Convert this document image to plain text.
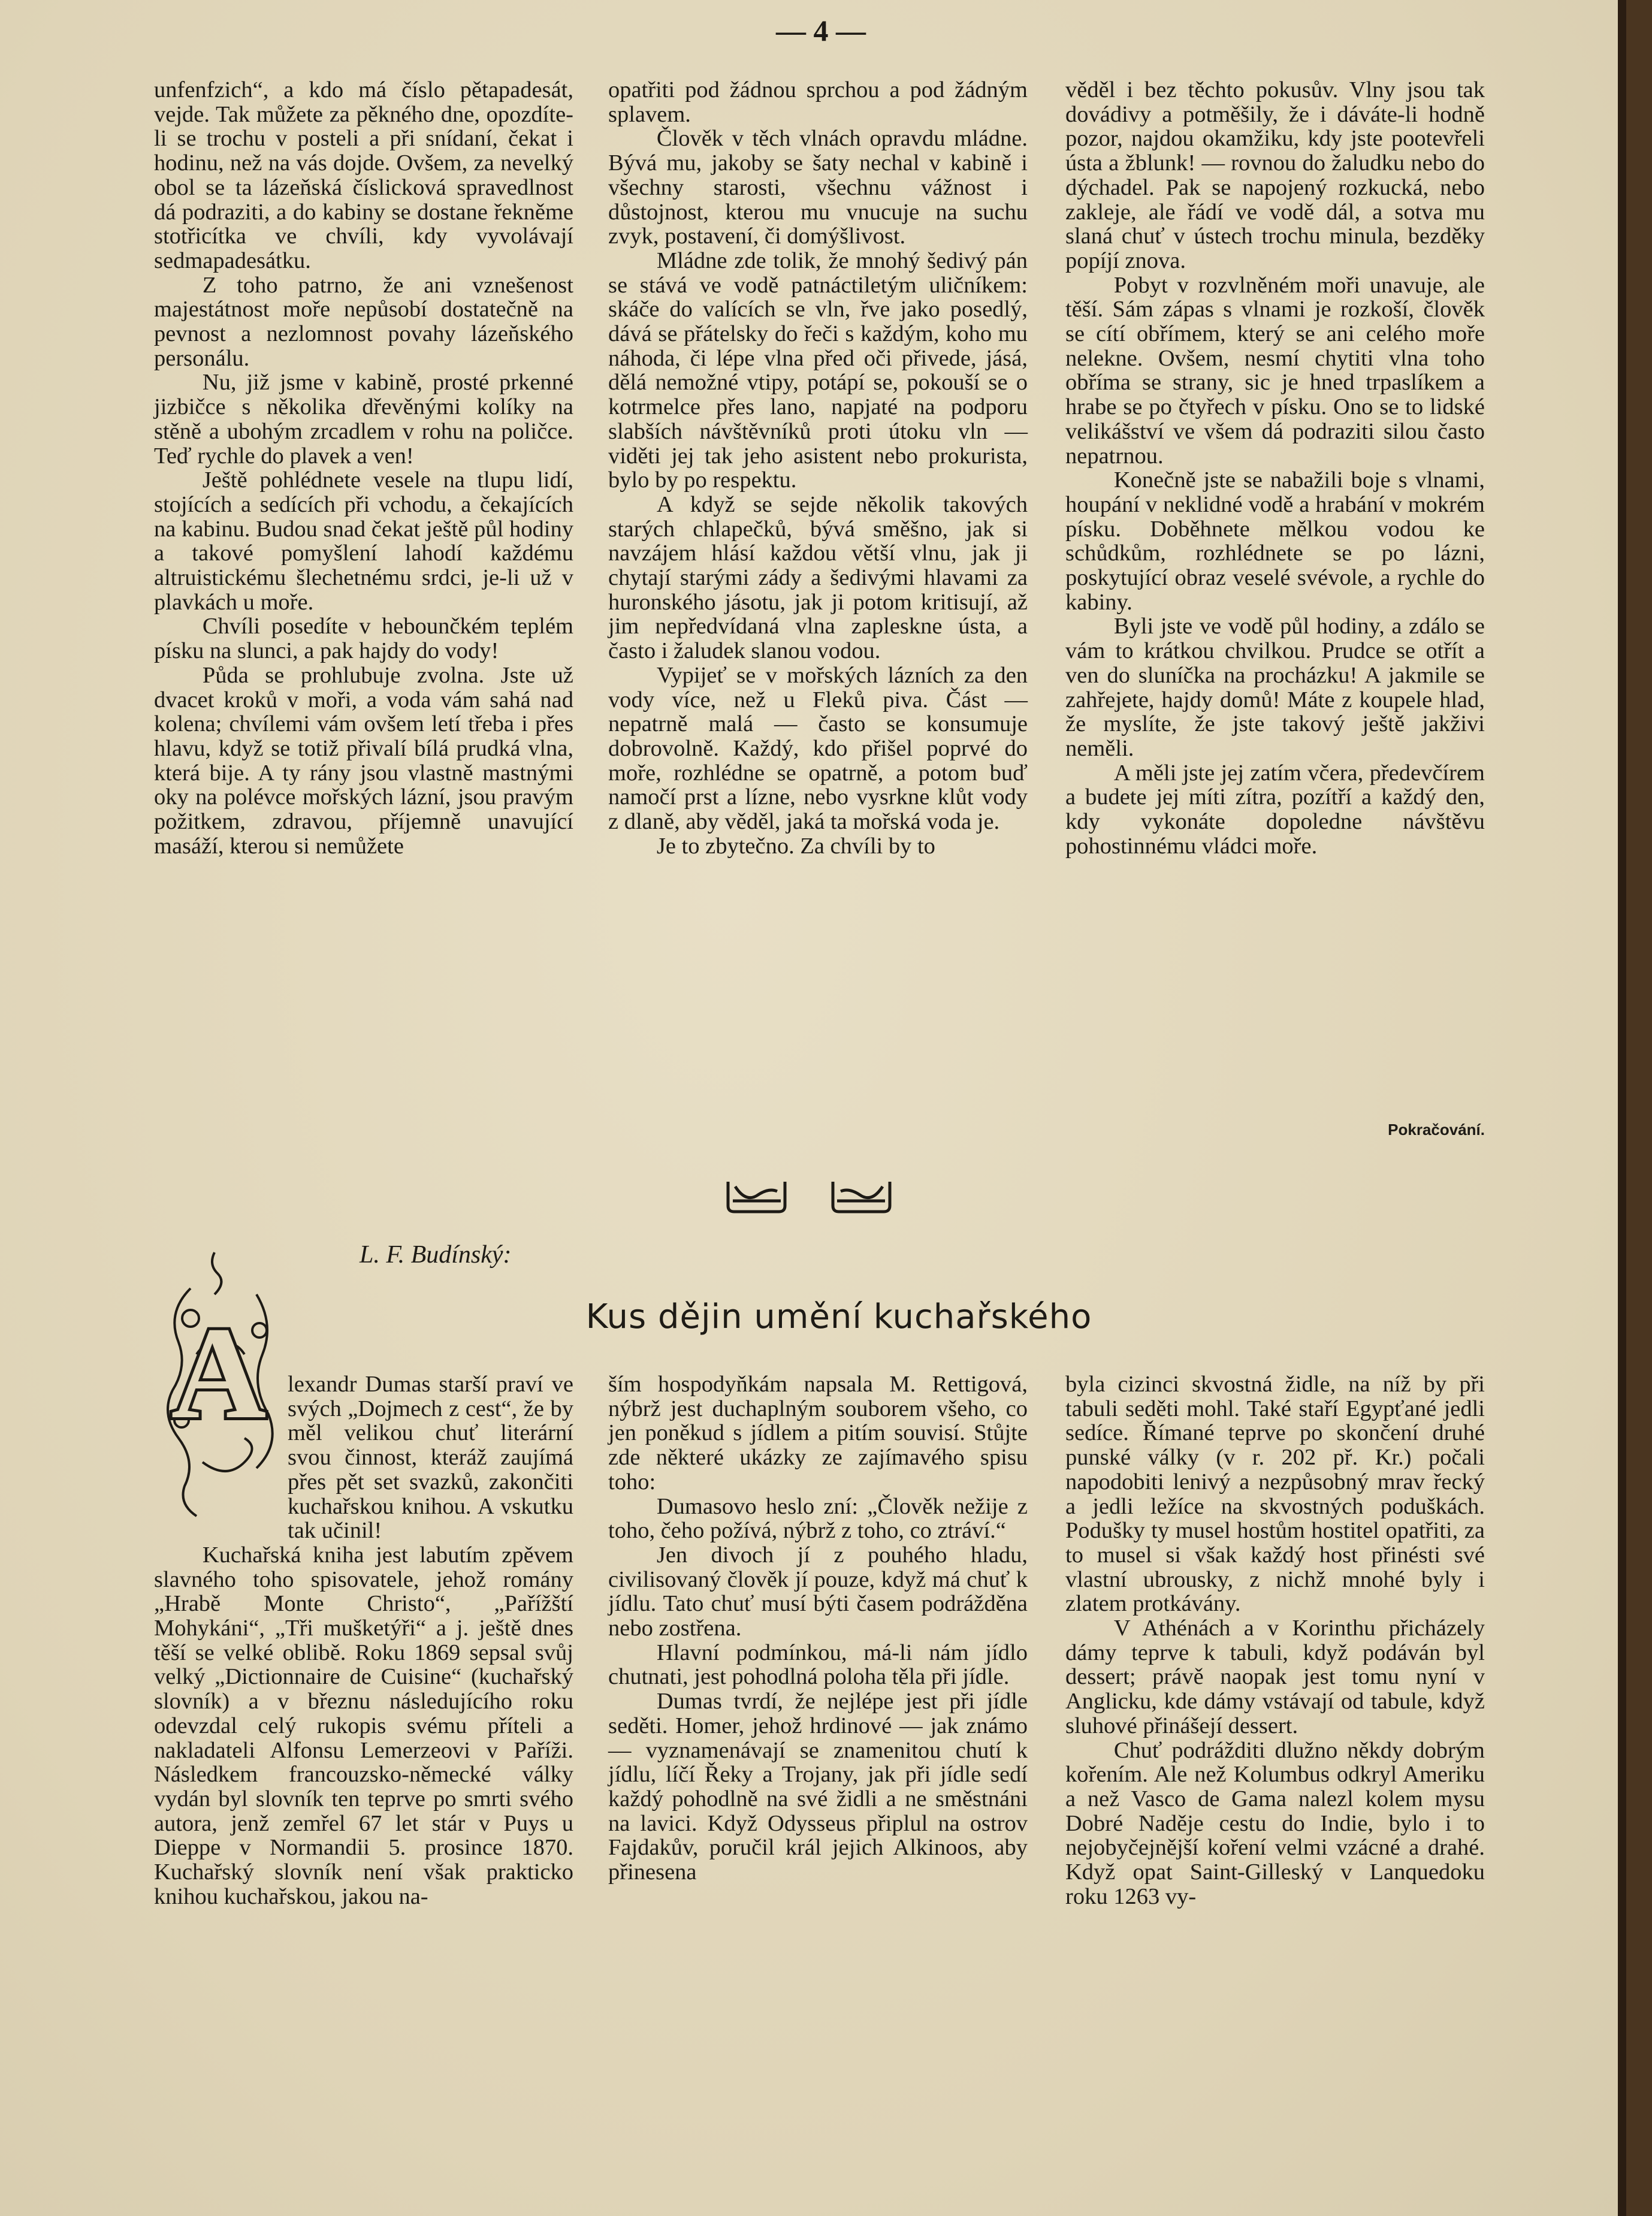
— 4 —

unfenfzich“, a kdo má číslo pětapadesát, vejde. Tak můžete za pěkného dne, opozdíte-li se trochu v posteli a při snídaní, čekat i hodinu, než na vás dojde. Ovšem, za nevelký obol se ta lázeňská číslicková spravedlnost dá podraziti, a do kabiny se dostane řekněme stotřicítka ve chvíli, kdy vyvolávají sedmapadesátku.

Z toho patrno, že ani vznešenost majestátnost moře nepůsobí dostatečně na pevnost a nezlomnost povahy lázeňského personálu.

Nu, již jsme v kabině, prosté prkenné jizbičce s několika dřevěnými kolíky na stěně a ubohým zrcadlem v rohu na poličce. Teď rychle do plavek a ven!

Ještě pohlédnete vesele na tlupu lidí, stojících a sedících při vchodu, a čekajících na kabinu. Budou snad čekat ještě půl hodiny a takové pomyšlení lahodí každému altruistickému šlechetnému srdci, je-li už v plavkách u moře.

Chvíli posedíte v hebounčkém teplém písku na slunci, a pak hajdy do vody!

Půda se prohlubuje zvolna. Jste už dvacet kroků v moři, a voda vám sahá nad kolena; chvílemi vám ovšem letí třeba i přes hlavu, když se totiž přivalí bílá prudká vlna, která bije. A ty rány jsou vlastně mastnými oky na polévce mořských lázní, jsou pravým požitkem, zdravou, příjemně unavující masáží, kterou si nemůžete

opatřiti pod žádnou sprchou a pod žádným splavem.

Člověk v těch vlnách opravdu mládne. Bývá mu, jakoby se šaty nechal v kabině i všechny starosti, všechnu vážnost i důstojnost, kterou mu vnucuje na suchu zvyk, postavení, či domýšlivost.

Mládne zde tolik, že mnohý šedivý pán se stává ve vodě patnáctiletým uličníkem: skáče do valících se vln, řve jako posedlý, dává se přátelsky do řeči s každým, koho mu náhoda, či lépe vlna před oči přivede, jásá, dělá nemožné vtipy, potápí se, pokouší se o kotrmelce přes lano, napjaté na podporu slabších návštěvníků proti útoku vln — viděti jej tak jeho asistent nebo prokurista, bylo by po respektu.

A když se sejde několik takových starých chlapečků, bývá směšno, jak si navzájem hlásí každou větší vlnu, jak ji chytají starými zády a šedivými hlavami za huronského jásotu, jak ji potom kritisují, až jim nepředvídaná vlna zapleskne ústa, a často i žaludek slanou vodou.

Vypijeť se v mořských lázních za den vody více, než u Fleků piva. Část — nepatrně malá — často se konsumuje dobrovolně. Každý, kdo přišel poprvé do moře, rozhlédne se opatrně, a potom buď namočí prst a lízne, nebo vysrkne klůt vody z dlaně, aby věděl, jaká ta mořská voda je.

Je to zbytečno. Za chvíli by to

věděl i bez těchto pokusův. Vlny jsou tak dovádivy a potměšily, že i dáváte-li hodně pozor, najdou okamžiku, kdy jste pootevřeli ústa a žblunk! — rovnou do žaludku nebo do dýchadel. Pak se napojený rozkucká, nebo zakleje, ale řádí ve vodě dál, a sotva mu slaná chuť v ústech trochu minula, bezděky popíjí znova.

Pobyt v rozvlněném moři unavuje, ale těší. Sám zápas s vlnami je rozkoší, člověk se cítí obřímem, který se ani celého moře nelekne. Ovšem, nesmí chytiti vlna toho obříma se strany, sic je hned trpaslíkem a hrabe se po čtyřech v písku. Ono se to lidské velikášství ve všem dá podraziti silou často nepatrnou.

Konečně jste se nabažili boje s vlnami, houpání v neklidné vodě a hrabání v mokrém písku. Doběhnete mělkou vodou ke schůdkům, rozhlédnete se po lázni, poskytující obraz veselé svévole, a rychle do kabiny.

Byli jste ve vodě půl hodiny, a zdálo se vám to krátkou chvilkou. Prudce se otřít a ven do sluníčka na procházku! A jakmile se zahřejete, hajdy domů! Máte z koupele hlad, že myslíte, že jste takový ještě jakživi neměli.

A měli jste jej zatím včera, předevčírem a budete jej míti zítra, pozítří a každý den, kdy vykonáte dopoledne návštěvu pohostinnému vládci moře.

Pokračování.
L. F. Budínský:
Kus dějin umění kuchařského
A lexandr Dumas starší praví ve svých „Dojmech z cest“, že by měl velikou chuť literární svou činnost, kteráž zaujímá přes pět set svazků, zakončiti kuchařskou knihou. A vskutku tak učinil!

Kuchařská kniha jest labutím zpěvem slavného toho spisovatele, jehož romány „Hrabě Monte Christo“, „Pařížští Mohykáni“, „Tři mušketýři“ a j. ještě dnes těší se velké oblibě. Roku 1869 sepsal svůj velký „Dictionnaire de Cuisine“ (kuchařský slovník) a v březnu následujícího roku odevzdal celý rukopis svému příteli a nakladateli Alfonsu Lemerzeovi v Paříži. Následkem francouzsko-německé války vydán byl slovník ten teprve po smrti svého autora, jenž zemřel 67 let stár v Puys u Dieppe v Normandii 5. prosince 1870. Kuchařský slovník není však prakticko knihou kuchařskou, jakou na-

ším hospodyňkám napsala M. Rettigová, nýbrž jest duchaplným souborem všeho, co jen poněkud s jídlem a pitím souvisí. Stůjte zde některé ukázky ze zajímavého spisu toho:

Dumasovo heslo zní: „Člověk nežije z toho, čeho požívá, nýbrž z toho, co ztráví.“

Jen divoch jí z pouhého hladu, civilisovaný člověk jí pouze, když má chuť k jídlu. Tato chuť musí býti časem podrážděna nebo zostřena.

Hlavní podmínkou, má-li nám jídlo chutnati, jest pohodlná poloha těla při jídle.

Dumas tvrdí, že nejlépe jest při jídle seděti. Homer, jehož hrdinové — jak známo — vyznamenávají se znamenitou chutí k jídlu, líčí Řeky a Trojany, jak při jídle sedí každý pohodlně na své židli a ne směstnáni na lavici. Když Odysseus připlul na ostrov Fajdakův, poručil král jejich Alkinoos, aby přinesena

byla cizinci skvostná židle, na níž by při tabuli seděti mohl. Také staří Egypťané jedli sedíce. Římané teprve po skončení druhé punské války (v r. 202 př. Kr.) počali napodobiti lenivý a nezpůsobný mrav řecký a jedli ležíce na skvostných poduškách. Podušky ty musel hostům hostitel opatřiti, za to musel si však každý host přinésti své vlastní ubrousky, z nichž mnohé byly i zlatem protkávány.

V Athénách a v Korinthu přicházely dámy teprve k tabuli, když podáván byl dessert; právě naopak jest tomu nyní v Anglicku, kde dámy vstávají od tabule, když sluhové přinášejí dessert.

Chuť podrážditi dlužno někdy dobrým kořením. Ale než Kolumbus odkryl Ameriku a než Vasco de Gama nalezl kolem mysu Dobré Naděje cestu do Indie, bylo i to nejobyčejnější koření velmi vzácné a drahé. Když opat Saint-Gilleský v Lanquedoku roku 1263 vy-
